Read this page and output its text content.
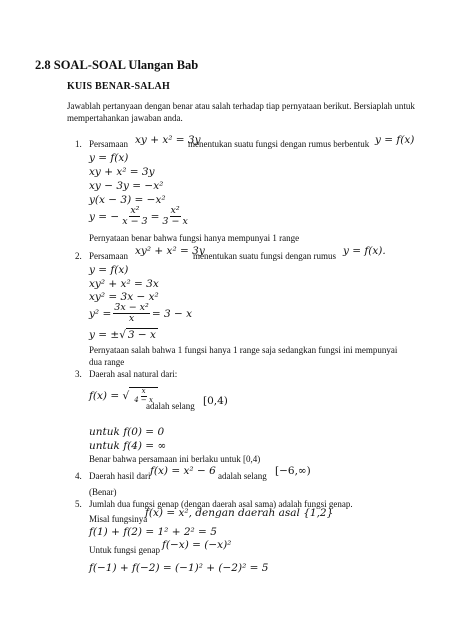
2.8 SOAL-SOAL Ulangan Bab
KUIS BENAR-SALAH
Jawablah pertanyaan dengan benar atau salah terhadap tiap pernyataan berikut. Bersiaplah untuk
mempertahankan jawaban anda.
1. Persamaan xy + x² = 3y
menentukan suatu fungsi dengan rumus berbentuk y = f(x)
y = f(x)
xy + x² = 3y
xy − 3y = −x²
y(x − 3) = −x²
y = − $\frac{\text{x²}}{x - 3} = \frac{\text{x²}}{3 - x}$
Pernyataan benar bahwa fungsi hanya mempunyai 1 range
2. Persamaan xy² + x² = 3y
menentukan suatu fungsi dengan rumus y = f(x).
y = f(x)
xy² + x² = 3x
xy² = 3x − x²
$y^2 = \frac{\text{3x − x²}}{x} = 3 - x$
y = ±√ 3 − x
Pernyataan salah bahwa 1 fungsi hanya 1 range saja sedangkan fungsi ini mempunyai
dua range
3. Daerah asal natural dari:
f(x) = √ $\frac{x}{4 - x}$
adalah selang [0,4)
untuk f(0) = 0
untuk f(4) = ∞
Benar bahwa persamaan ini berlaku untuk [0,4)
4. Daerah hasil dari f(x) = x² − 6 adalah selang [−6,∞)
(Benar)
5. Jumlah dua fungsi genap (dengan daerah asal sama) adalah fungsi genap.
Misal fungsinya
f(x) = x², dengan daerah asal {1,2}
f(1) + f(2) = 1² + 2² = 5
Untuk fungsi genap f(−x) = (−x)²
f(−1) + f(−2) = (−1)² + (−2)² = 5
